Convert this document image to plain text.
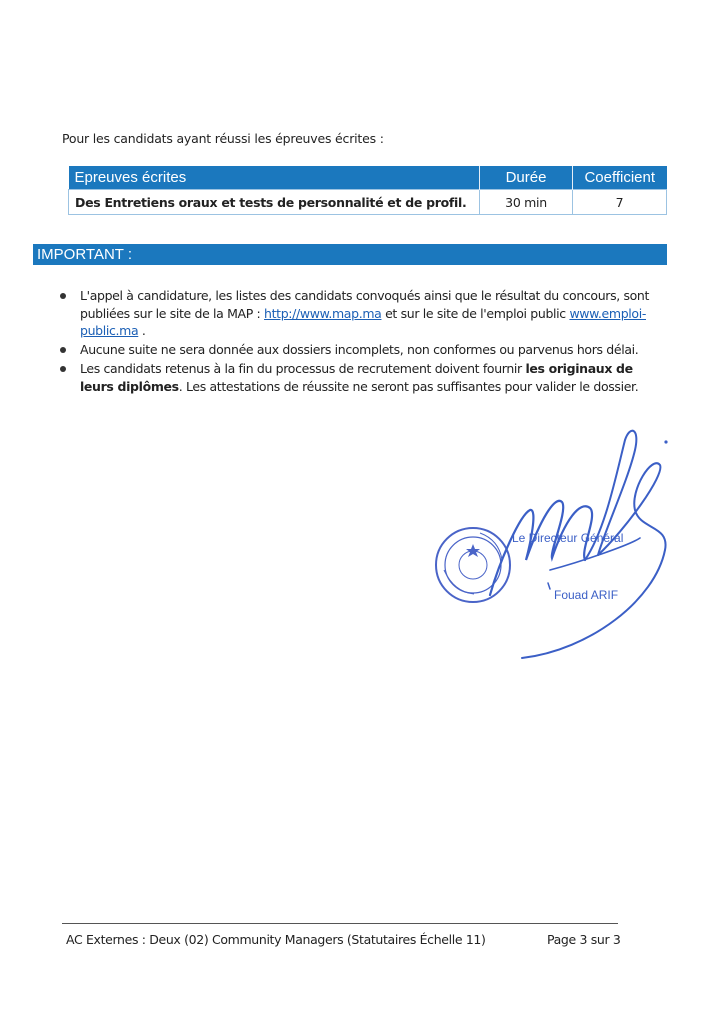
Pour les candidats ayant réussi les épreuves écrites :
Epreuves écrites	Durée	Coefficient
Des Entretiens oraux et tests de personnalité et de profil.	30 min	7
IMPORTANT :
L'appel à candidature, les listes des candidats convoqués ainsi que le résultat du concours, sont publiées sur le site de la MAP : http://www.map.ma et sur le site de l'emploi public www.emploi-public.ma .
Aucune suite ne sera donnée aux dossiers incomplets, non conformes ou parvenus hors délai.
Les candidats retenus à la fin du processus de recrutement doivent fournir les originaux de leurs diplômes. Les attestations de réussite ne seront pas suffisantes pour valider le dossier.
Le Directeur Général
Fouad ARIF
AC Externes : Deux (02) Community Managers (Statutaires Échelle 11)	Page 3 sur 3
